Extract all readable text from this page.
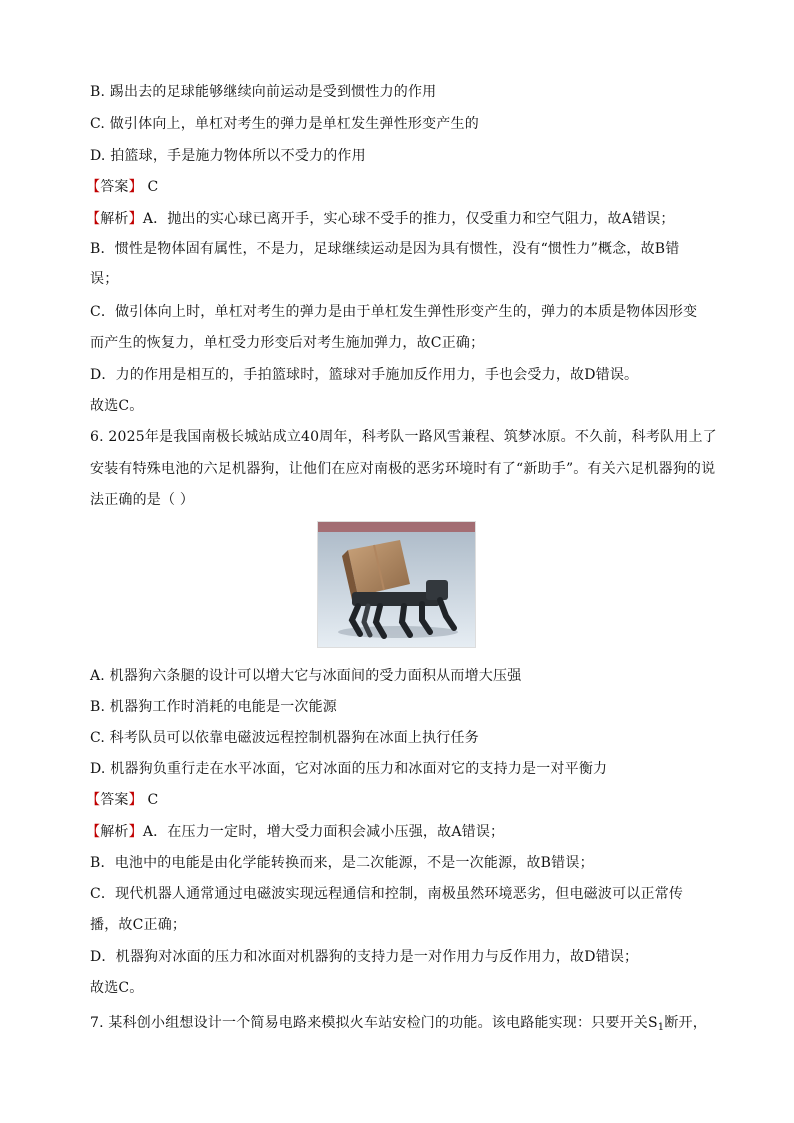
B. 踢出去的足球能够继续向前运动是受到惯性力的作用
C. 做引体向上，单杠对考生的弹力是单杠发生弹性形变产生的
D. 拍篮球，手是施力物体所以不受力的作用
【答案】 C
【解析】A．抛出的实心球已离开手，实心球不受手的推力，仅受重力和空气阻力，故A错误；
B．惯性是物体固有属性，不是力，足球继续运动是因为具有惯性，没有“惯性力”概念，故B错
误；
C．做引体向上时，单杠对考生的弹力是由于单杠发生弹性形变产生的，弹力的本质是物体因形变
而产生的恢复力，单杠受力形变后对考生施加弹力，故C正确；
D．力的作用是相互的，手拍篮球时，篮球对手施加反作用力，手也会受力，故D错误。
故选C。
6. 2025年是我国南极长城站成立40周年，科考队一路风雪兼程、筑梦冰原。不久前，科考队用上了
安装有特殊电池的六足机器狗，让他们在应对南极的恶劣环境时有了“新助手”。有关六足机器狗的说
法正确的是（ ）
A. 机器狗六条腿的设计可以增大它与冰面间的受力面积从而增大压强
B. 机器狗工作时消耗的电能是一次能源
C. 科考队员可以依靠电磁波远程控制机器狗在冰面上执行任务
D. 机器狗负重行走在水平冰面，它对冰面的压力和冰面对它的支持力是一对平衡力
【答案】 C
【解析】A．在压力一定时，增大受力面积会减小压强，故A错误；
B．电池中的电能是由化学能转换而来，是二次能源，不是一次能源，故B错误；
C．现代机器人通常通过电磁波实现远程通信和控制，南极虽然环境恶劣，但电磁波可以正常传
播，故C正确；
D．机器狗对冰面的压力和冰面对机器狗的支持力是一对作用力与反作用力，故D错误；
故选C。
7. 某科创小组想设计一个简易电路来模拟火车站安检门的功能。该电路能实现：只要开关$S_1$断开，
